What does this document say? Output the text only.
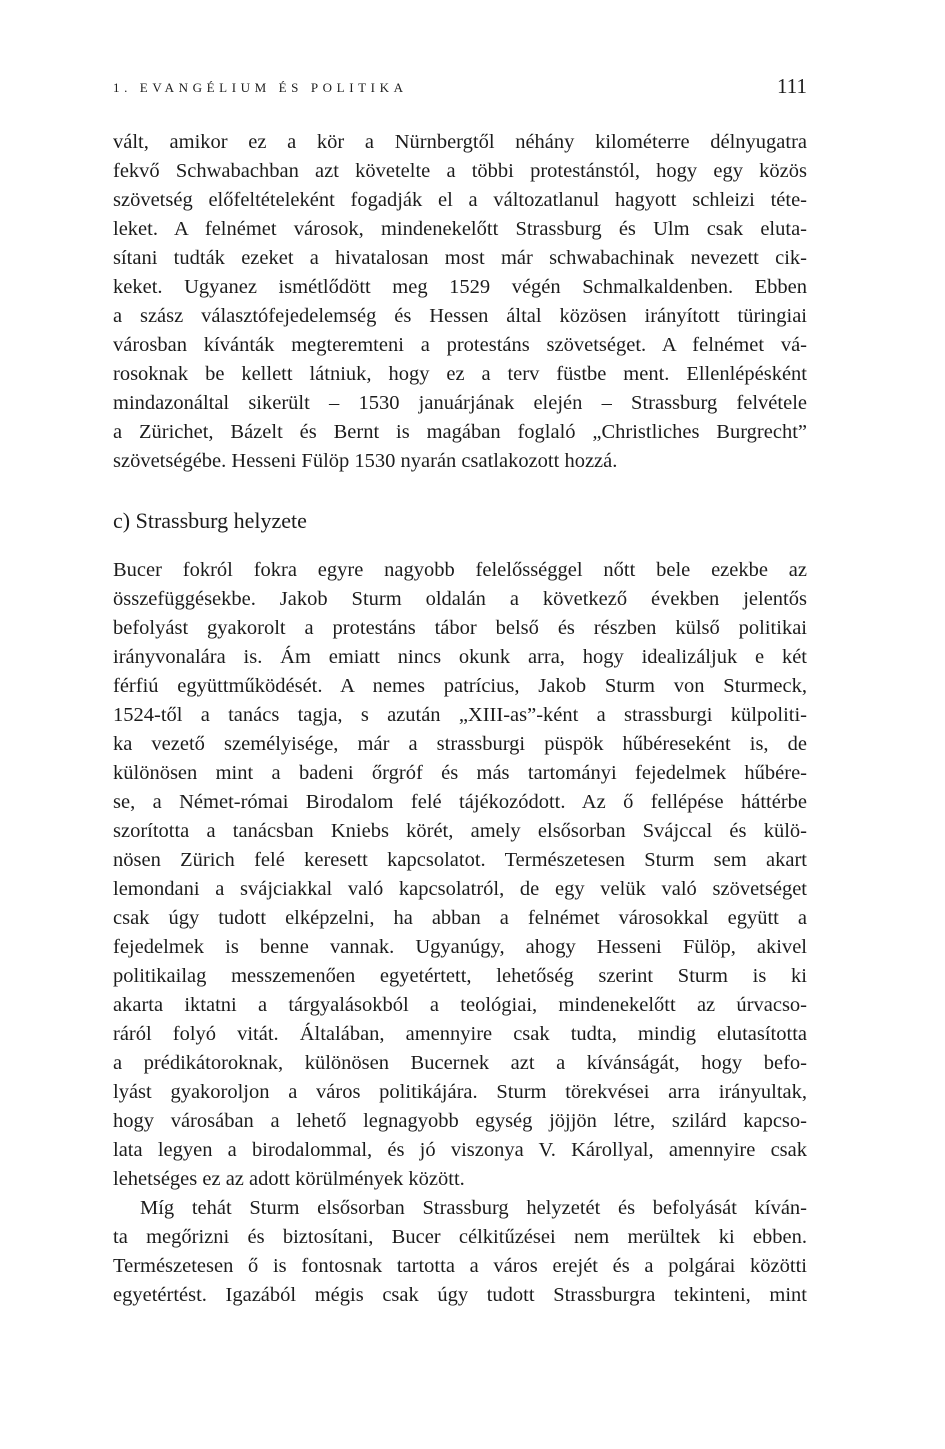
1. EVANGÉLIUM ÉS POLITIKA	111
vált, amikor ez a kör a Nürnbergtől néhány kilométerre délnyugatra
fekvő Schwabachban azt követelte a többi protestánstól, hogy egy közös
szövetség előfeltételeként fogadják el a változatlanul hagyott schleizi téte-
leket. A felnémet városok, mindenekelőtt Strassburg és Ulm csak eluta-
sítani tudták ezeket a hivatalosan most már schwabachinak nevezett cik-
keket. Ugyanez ismétlődött meg 1529 végén Schmalkaldenben. Ebben
a szász választófejedelemség és Hessen által közösen irányított türingiai
városban kívánták megteremteni a protestáns szövetséget. A felnémet vá-
rosoknak be kellett látniuk, hogy ez a terv füstbe ment. Ellenlépésként
mindazonáltal sikerült – 1530 januárjának elején – Strassburg felvétele
a Zürichet, Bázelt és Bernt is magában foglaló „Christliches Burgrecht”
szövetségébe. Hesseni Fülöp 1530 nyarán csatlakozott hozzá.
c) Strassburg helyzete
Bucer fokról fokra egyre nagyobb felelősséggel nőtt bele ezekbe az
összefüggésekbe. Jakob Sturm oldalán a következő években jelentős
befolyást gyakorolt a protestáns tábor belső és részben külső politikai
irányvonalára is. Ám emiatt nincs okunk arra, hogy idealizáljuk e két
férfiú együttműködését. A nemes patrícius, Jakob Sturm von Sturmeck,
1524-től a tanács tagja, s azután „XIII-as”-ként a strassburgi külpoliti-
ka vezető személyisége, már a strassburgi püspök hűbéreseként is, de
különösen mint a badeni őrgróf és más tartományi fejedelmek hűbére-
se, a Német-római Birodalom felé tájékozódott. Az ő fellépése háttérbe
szorította a tanácsban Kniebs körét, amely elsősorban Svájccal és külö-
nösen Zürich felé keresett kapcsolatot. Természetesen Sturm sem akart
lemondani a svájciakkal való kapcsolatról, de egy velük való szövetséget
csak úgy tudott elképzelni, ha abban a felnémet városokkal együtt a
fejedelmek is benne vannak. Ugyanúgy, ahogy Hesseni Fülöp, akivel
politikailag messzemenően egyetértett, lehetőség szerint Sturm is ki
akarta iktatni a tárgyalásokból a teológiai, mindenekelőtt az úrvacso-
ráról folyó vitát. Általában, amennyire csak tudta, mindig elutasította
a prédikátoroknak, különösen Bucernek azt a kívánságát, hogy befo-
lyást gyakoroljon a város politikájára. Sturm törekvései arra irányultak,
hogy városában a lehető legnagyobb egység jöjjön létre, szilárd kapcso-
lata legyen a birodalommal, és jó viszonya V. Károllyal, amennyire csak
lehetséges ez az adott körülmények között.
Míg tehát Sturm elsősorban Strassburg helyzetét és befolyását kíván-
ta megőrizni és biztosítani, Bucer célkitűzései nem merültek ki ebben.
Természetesen ő is fontosnak tartotta a város erejét és a polgárai közötti
egyetértést. Igazából mégis csak úgy tudott Strassburgra tekinteni, mint
